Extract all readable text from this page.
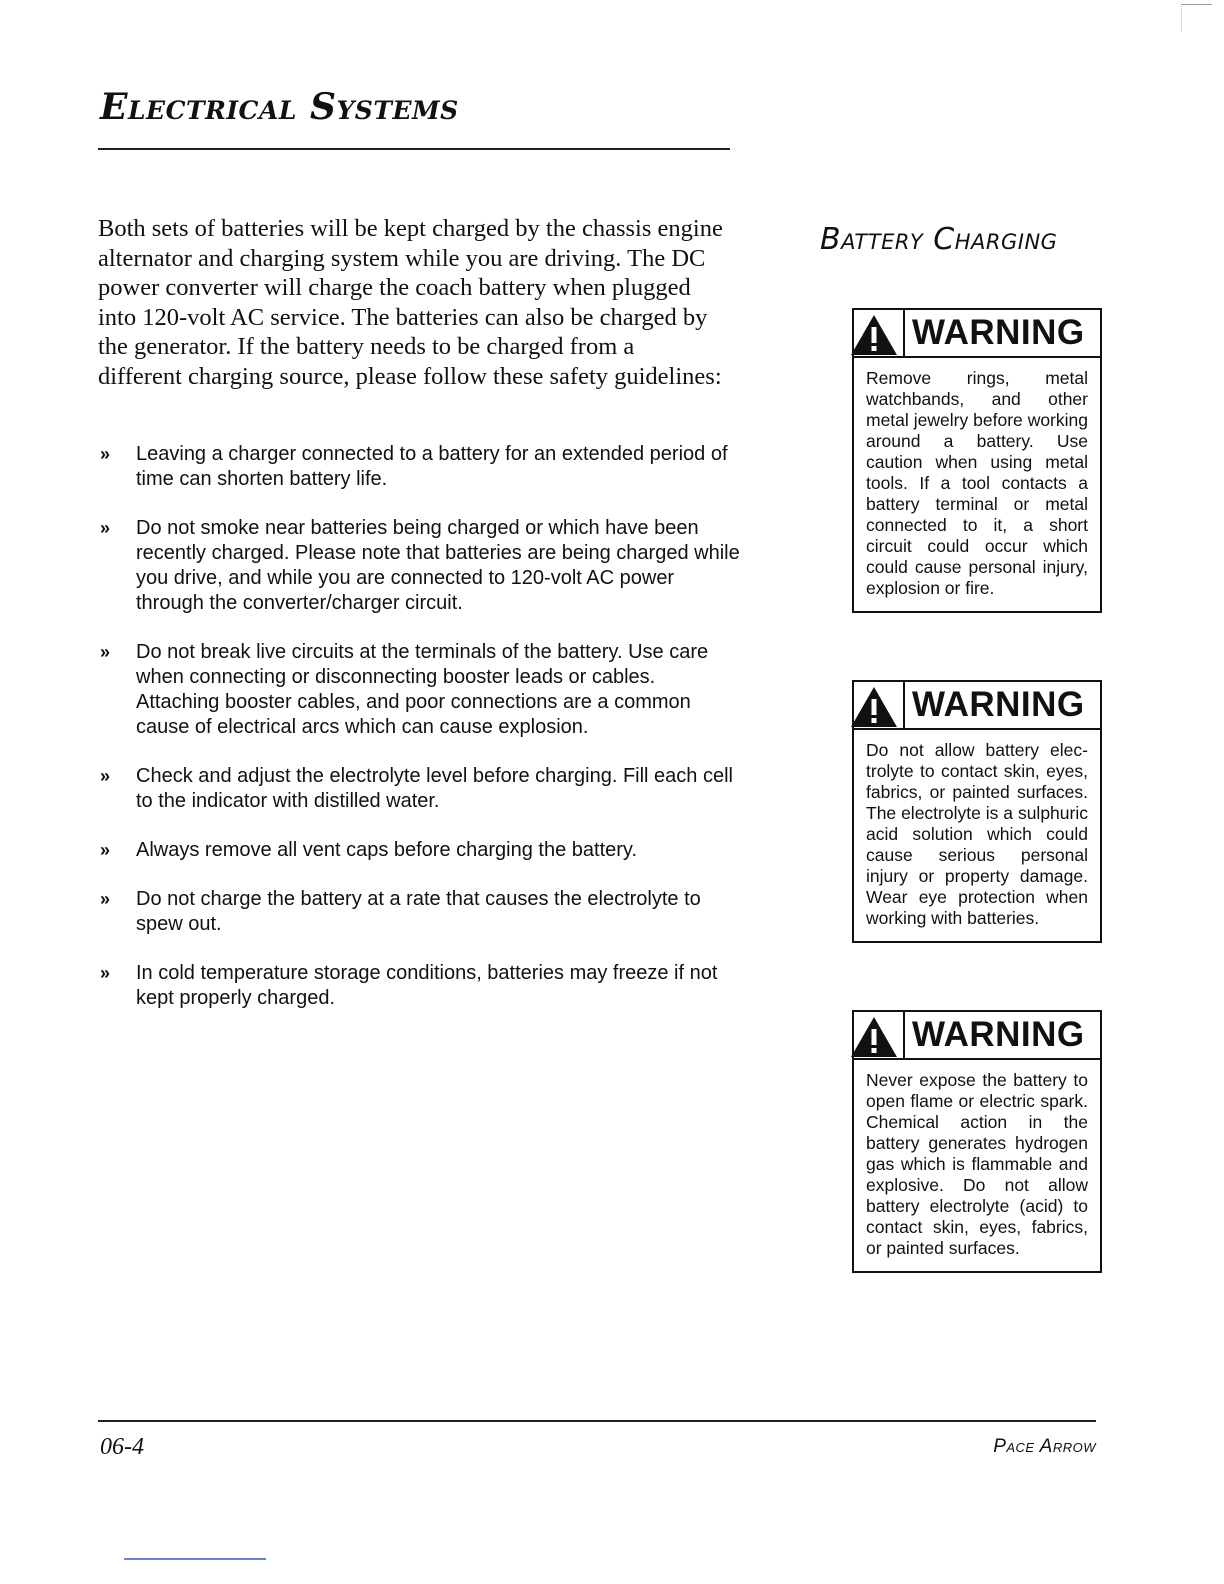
Electrical Systems

Both sets of batteries will be kept charged by the chassis engine alternator and charging system while you are driving. The DC power converter will charge the coach battery when plugged into 120-volt AC service. The batteries can also be charged by the generator. If the battery needs to be charged from a different charging source, please follow these safety guidelines:

» Leaving a charger connected to a battery for an extended period of time can shorten battery life.
» Do not smoke near batteries being charged or which have been recently charged. Please note that batteries are being charged while you drive, and while you are connected to 120-volt AC power through the converter/charger circuit.
» Do not break live circuits at the terminals of the battery. Use care when connecting or disconnecting booster leads or cables. Attaching booster cables, and poor connections are a common cause of electrical arcs which can cause explosion.
» Check and adjust the electrolyte level before charging. Fill each cell to the indicator with distilled water.
» Always remove all vent caps before charging the battery.
» Do not charge the battery at a rate that causes the electrolyte to spew out.
» In cold temperature storage conditions, batteries may freeze if not kept properly charged.
Battery Charging
WARNING
Remove rings, metal watchbands, and other metal jewelry before working around a battery. Use caution when using metal tools. If a tool contacts a battery terminal or metal connected to it, a short circuit could occur which could cause personal injury, explosion or fire.
WARNING
Do not allow battery electrolyte to contact skin, eyes, fabrics, or painted surfaces. The electrolyte is a sulphuric acid solution which could cause serious personal injury or property damage. Wear eye protection when working with batteries.
WARNING
Never expose the battery to open flame or electric spark. Chemical action in the battery generates hydrogen gas which is flammable and explosive. Do not allow battery electrolyte (acid) to contact skin, eyes, fabrics, or painted surfaces.
06-4	Pace Arrow
